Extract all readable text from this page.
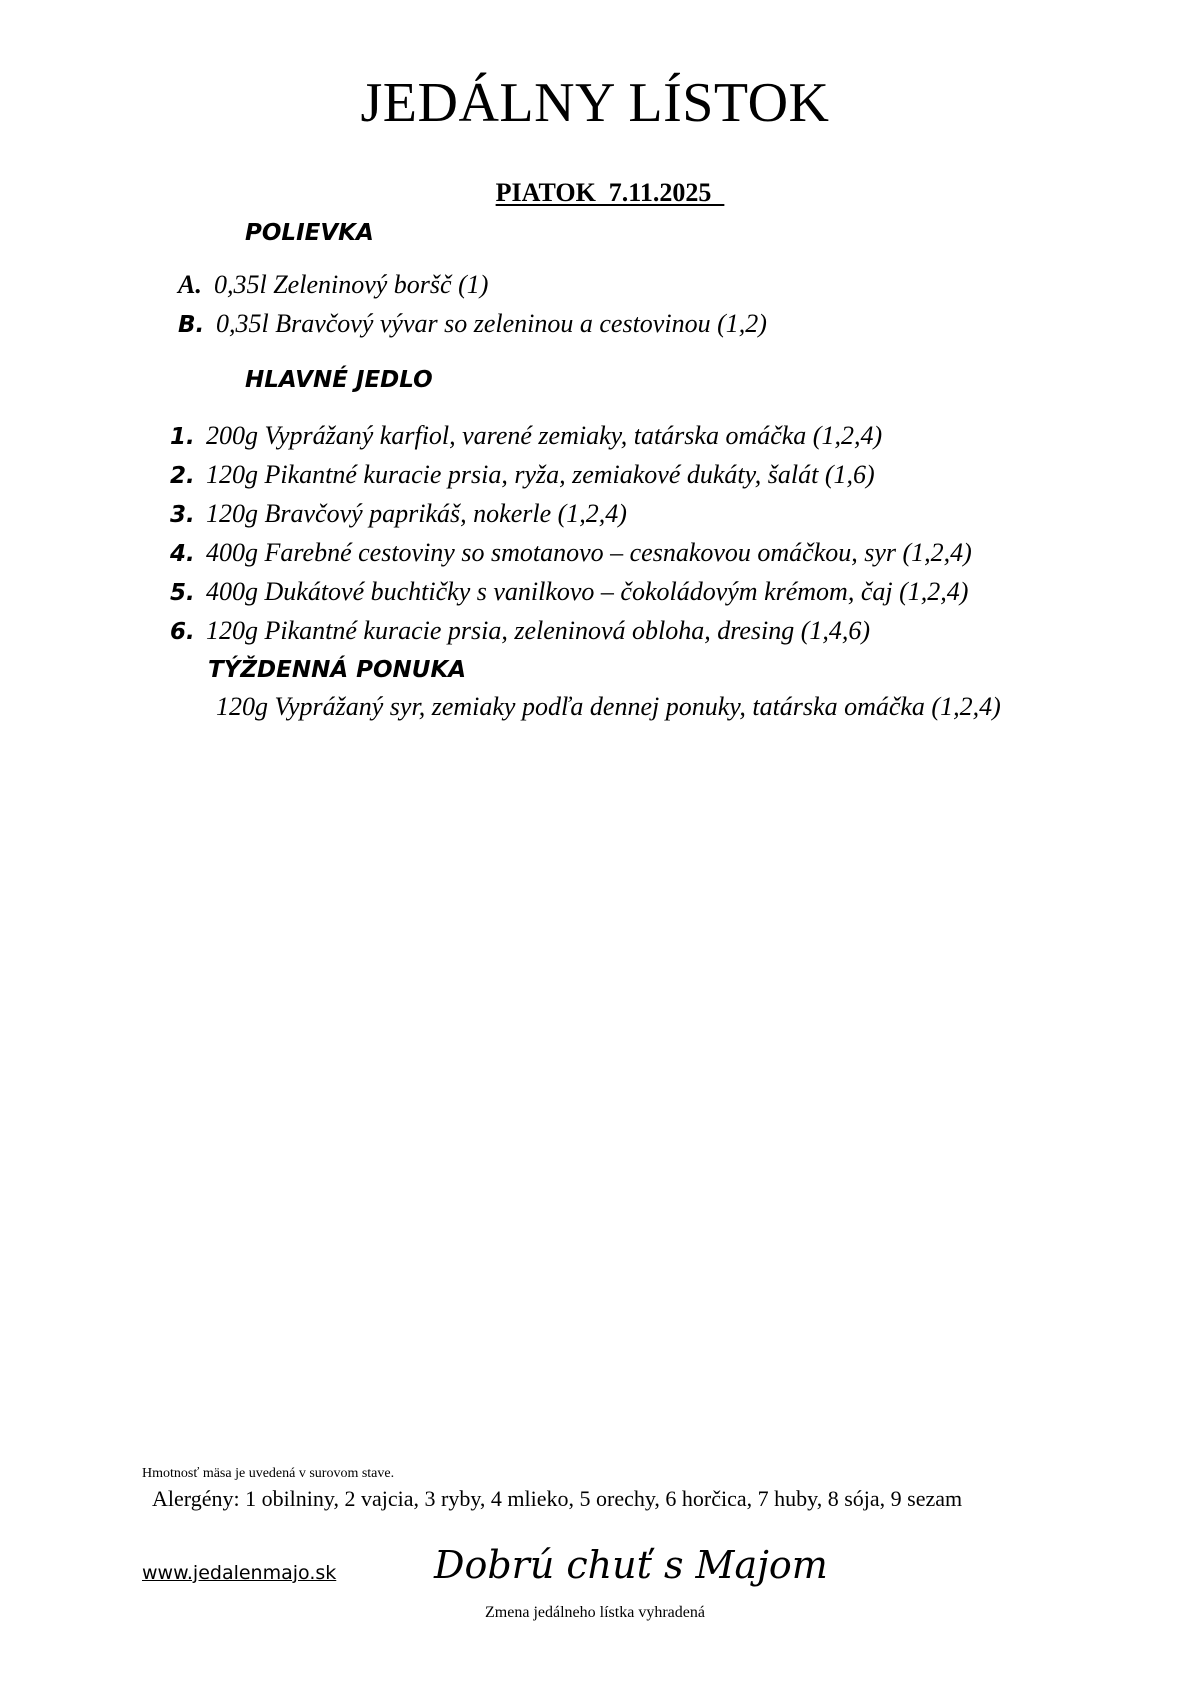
JEDÁLNY LÍSTOK
PIATOK  7.11.2025
POLIEVKA
A. 0,35l Zeleninový boršč (1)
B. 0,35l Bravčový vývar so zeleninou a cestovinou (1,2)
HLAVNÉ JEDLO
1. 200g Vyprážaný karfiol, varené zemiaky, tatárska omáčka (1,2,4)
2. 120g Pikantné kuracie prsia, ryža, zemiakové dukáty, šalát (1,6)
3. 120g Bravčový paprikáš, nokerle (1,2,4)
4. 400g Farebné cestoviny so smotanovo – cesnakovou omáčkou, syr (1,2,4)
5. 400g Dukátové buchtičky s vanilkovo – čokoládovým krémom, čaj (1,2,4)
6. 120g Pikantné kuracie prsia, zeleninová obloha, dresing (1,4,6)
TÝŽDENNÁ PONUKA
120g Vyprážaný syr, zemiaky podľa dennej ponuky, tatárska omáčka (1,2,4)
Hmotnosť mäsa je uvedená v surovom stave.
Alergény: 1 obilniny, 2 vajcia, 3 ryby, 4 mlieko, 5 orechy, 6 horčica, 7 huby, 8 sója, 9 sezam
www.jedalenmajo.sk	Dobrú chuť s Majom
Zmena jedálneho lístka vyhradená
